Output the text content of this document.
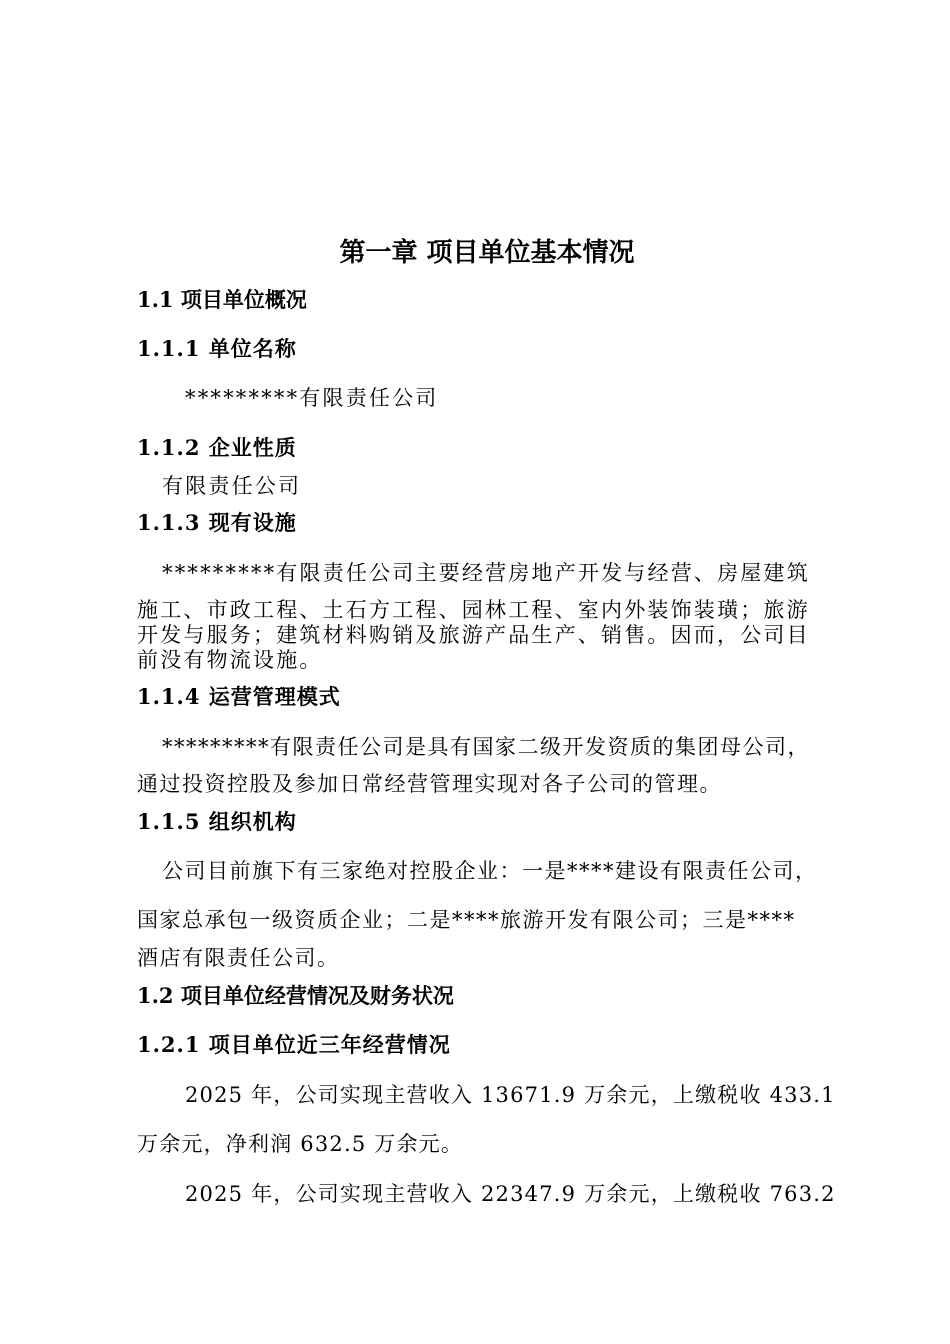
第一章 项目单位基本情况
1.1 项目单位概况
1.1.1 单位名称
*********有限责任公司
1.1.2 企业性质
有限责任公司
1.1.3 现有设施
*********有限责任公司主要经营房地产开发与经营、房屋建筑
施工、市政工程、土石方工程、园林工程、室内外装饰装璜；旅游
开发与服务；建筑材料购销及旅游产品生产、销售。因而，公司目
前没有物流设施。
1.1.4 运营管理模式
*********有限责任公司是具有国家二级开发资质的集团母公司，
通过投资控股及参加日常经营管理实现对各子公司的管理。
1.1.5 组织机构
公司目前旗下有三家绝对控股企业：一是****建设有限责任公司，
国家总承包一级资质企业；二是****旅游开发有限公司；三是****
酒店有限责任公司。
1.2 项目单位经营情况及财务状况
1.2.1 项目单位近三年经营情况
2025 年，公司实现主营收入 13671.9 万余元，上缴税收 433.1
万余元，净利润 632.5 万余元。
2025 年，公司实现主营收入 22347.9 万余元，上缴税收 763.2
